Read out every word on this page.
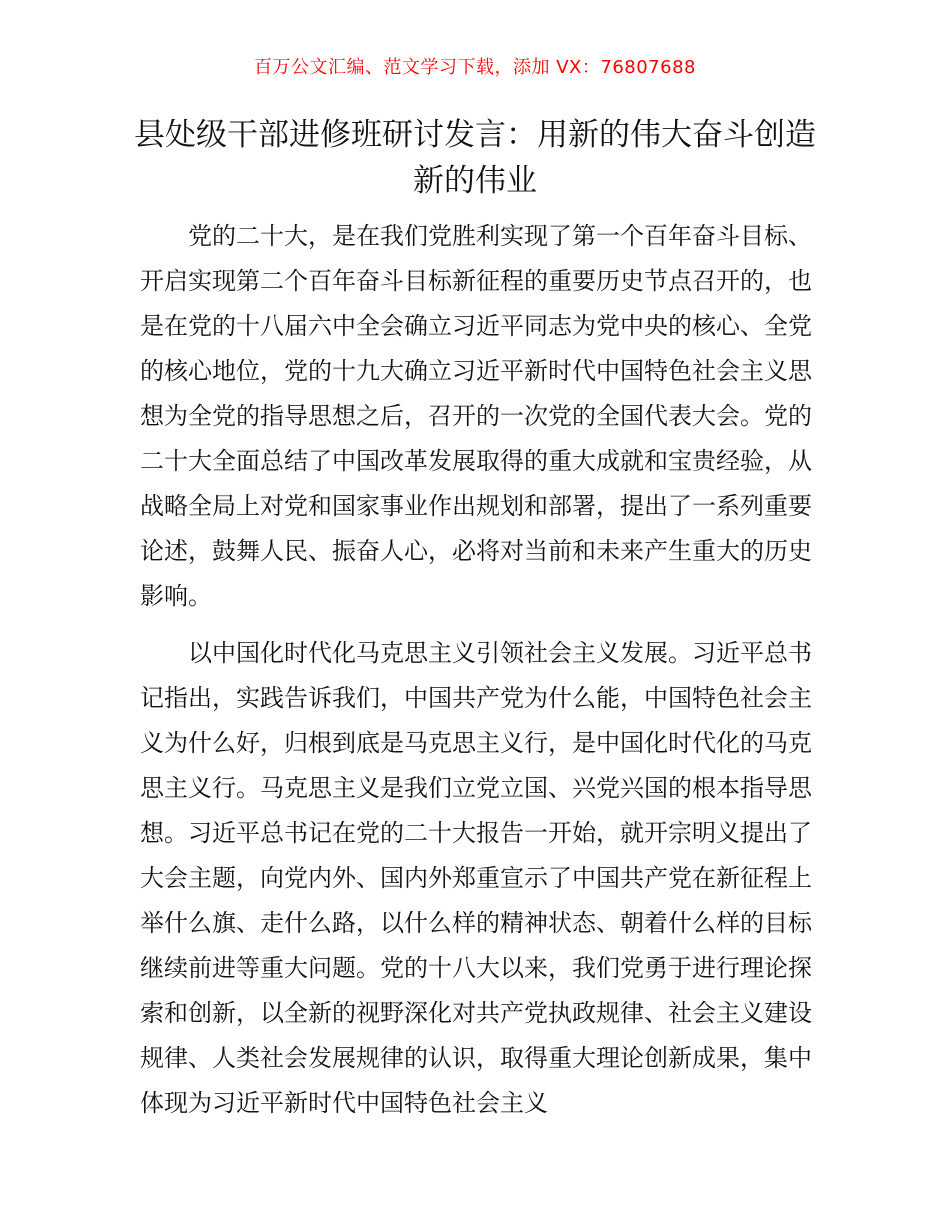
百万公文汇编、范文学习下载，添加 VX：76807688
县处级干部进修班研讨发言：用新的伟大奋斗创造新的伟业

党的二十大，是在我们党胜利实现了第一个百年奋斗目标、开启实现第二个百年奋斗目标新征程的重要历史节点召开的，也是在党的十八届六中全会确立习近平同志为党中央的核心、全党的核心地位，党的十九大确立习近平新时代中国特色社会主义思想为全党的指导思想之后，召开的一次党的全国代表大会。党的二十大全面总结了中国改革发展取得的重大成就和宝贵经验，从战略全局上对党和国家事业作出规划和部署，提出了一系列重要论述，鼓舞人民、振奋人心，必将对当前和未来产生重大的历史影响。

以中国化时代化马克思主义引领社会主义发展。习近平总书记指出，实践告诉我们，中国共产党为什么能，中国特色社会主义为什么好，归根到底是马克思主义行，是中国化时代化的马克思主义行。马克思主义是我们立党立国、兴党兴国的根本指导思想。习近平总书记在党的二十大报告一开始，就开宗明义提出了大会主题，向党内外、国内外郑重宣示了中国共产党在新征程上举什么旗、走什么路，以什么样的精神状态、朝着什么样的目标继续前进等重大问题。党的十八大以来，我们党勇于进行理论探索和创新，以全新的视野深化对共产党执政规律、社会主义建设规律、人类社会发展规律的认识，取得重大理论创新成果，集中体现为习近平新时代中国特色社会主义
